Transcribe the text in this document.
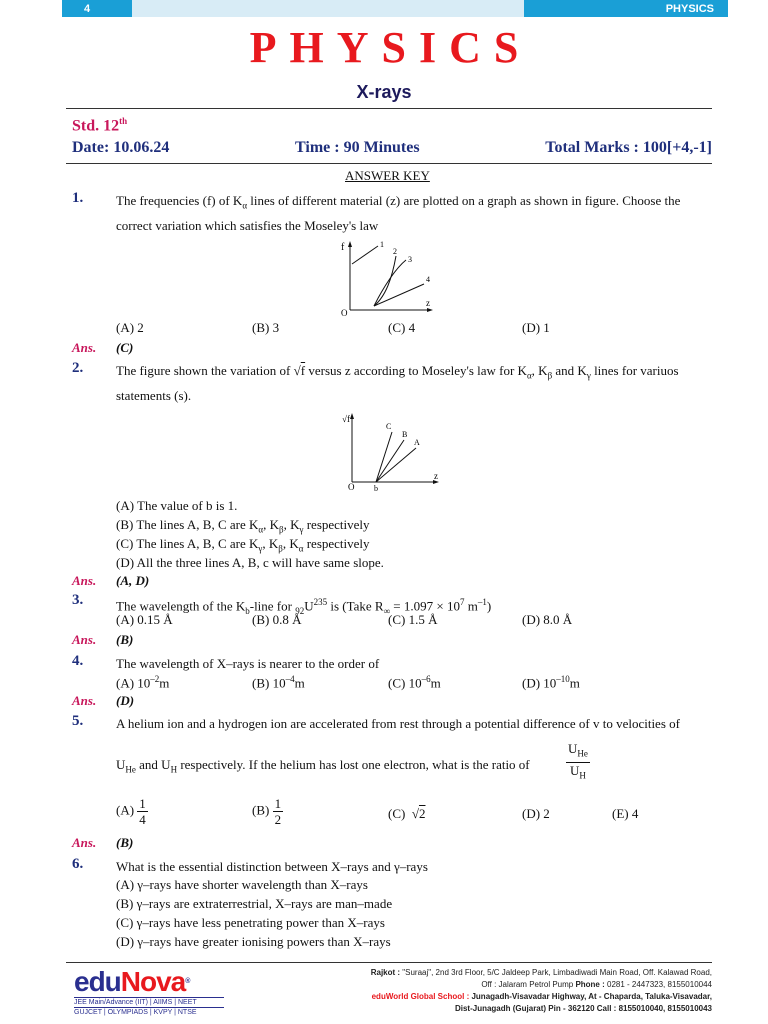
4	PHYSICS
PHYSICS
X-rays
Std. 12th
Date: 10.06.24	Time : 90 Minutes	Total Marks : 100[+4,-1]
ANSWER KEY
1.	The frequencies (f) of $K_\alpha$ lines of different material (z) are plotted on a graph as shown in figure. Choose the correct variation which satisfies the Moseley's law
f
z
O
1
2
3
4
(A) 2	(B) 3	(C) 4	(D) 1
Ans. (C)
2.	The figure shown the variation of √f versus z according to Moseley's law for $K_\alpha$, $K_\beta$ and $K_\gamma$ lines for variuos statements (s).
√f
z
O b
C
B
A
(A) The value of b is 1.
(B) The lines A, B, C are $K_\alpha$, $K_\beta$, $K_\gamma$ respectively
(C) The lines A, B, C are $K_\gamma$, $K_\beta$, $K_\alpha$ respectively
(D) All the three lines A, B, c will have same slope.
Ans. (A, D)
3.	The wavelength of the $K_b$-line for $_{92}U^{235}$ is (Take $R_\infty = 1.097 \times 10^7$ $m^{-1}$)
(A) 0.15 Å	(B) 0.8 Å	(C) 1.5 Å	(D) 8.0 Å
Ans. (B)
4.	The wavelength of X–rays is nearer to the order of
(A) $10^{-2}m$	(B) $10^{-4}m$	(C) $10^{-6}m$	(D) $10^{-10}m$
Ans. (D)
5.	A helium ion and a hydrogen ion are accelerated from rest through a potential difference of v to velocities of
$U_{He}$ and $U_H$ respectively. If the helium has lost one electron, what is the ratio of	$\frac{U_{He}}{U_H}$
$(A) \frac{1}{4}$	$(B) \frac{1}{2}$	(C)  √2	(D) 2	(E) 4
Ans. (B)
6.	What is the essential distinction between X–rays and γ–rays
(A) γ–rays have shorter wavelength than X–rays
(B) γ–rays are extraterrestrial, X–rays are man–made
(C) γ–rays have less penetrating power than X–rays
(D) γ–rays have greater ionising powers than X–rays
eduNova®
JEE Main/Advance (IIT) | AIIMS | NEET
GUJCET | OLYMPIADS | KVPY | NTSE
Rajkot : "Suraaj", 2nd 3rd Floor, 5/C Jaldeep Park, Limbadiwadi Main Road, Off. Kalawad Road,
Off : Jalaram Petrol Pump Phone : 0281 - 2447323, 8155010044
eduWorld Global School : Junagadh-Visavadar Highway, At - Chaparda, Taluka-Visavadar,
Dist-Junagadh (Gujarat) Pin - 362120 Call : 8155010040, 8155010043
